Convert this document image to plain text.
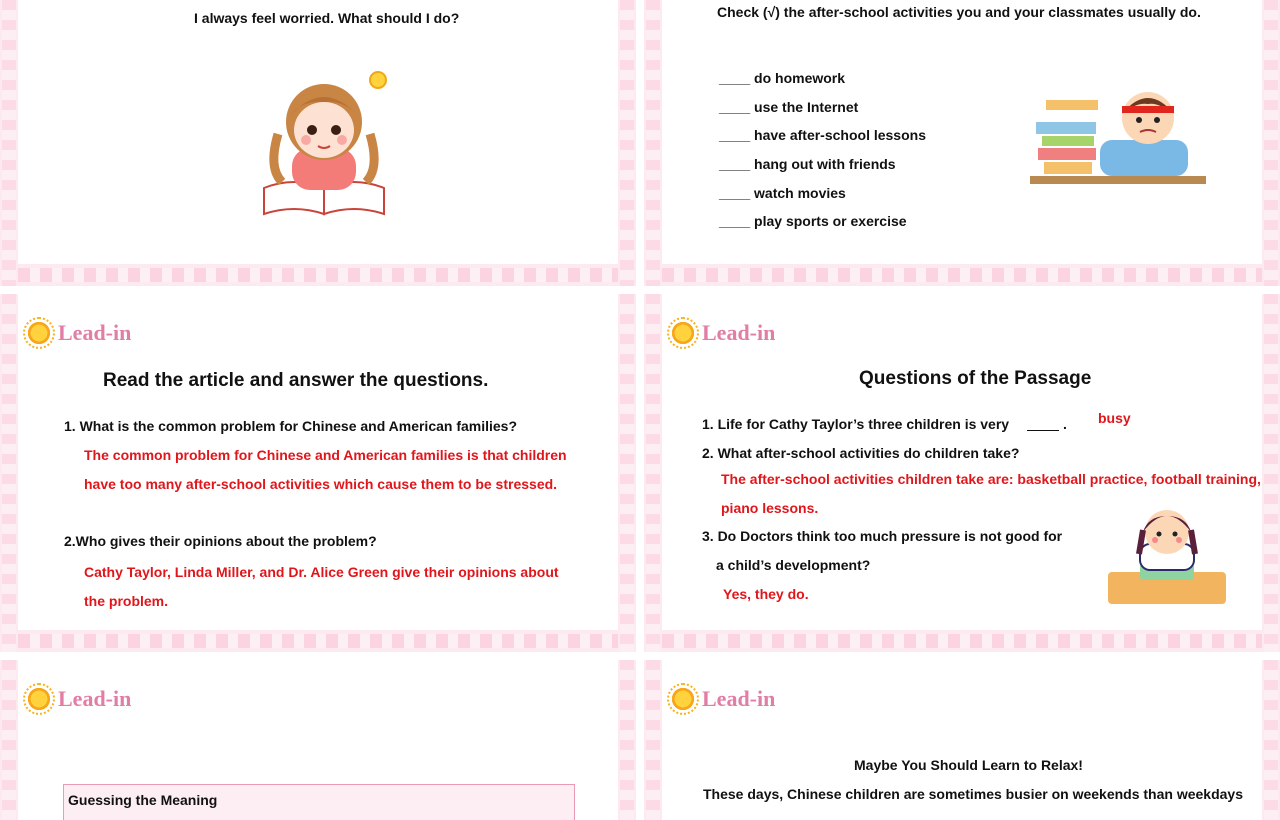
I always feel worried. What should I do?	Check (√) the after-school activities you and your classmates usually do.
____ do homework
____ use the Internet
____ have after-school lessons
____ hang out with friends
____ watch movies
____ play sports or exercise
Lead-in
Read the article and answer the questions.
1. What is the common problem for Chinese and American families?
The common problem for Chinese and American families is that children
have too many after-school activities which cause them to be stressed.
2.Who gives their opinions about the problem?
Cathy Taylor, Linda Miller, and Dr. Alice Green give their opinions about
the problem.
Lead-in
Questions of the Passage
1. Life for Cathy Taylor’s three children is very	. busy
2. What after-school activities do children take?
The after-school activities children take are: basketball practice, football training,
piano lessons.
3. Do Doctors think too much pressure is not good for
a child’s development?
Yes, they do.
Lead-in
Guessing the Meaning
Lead-in
Maybe You Should Learn to Relax!
These days, Chinese children are sometimes busier on weekends than weekdays
